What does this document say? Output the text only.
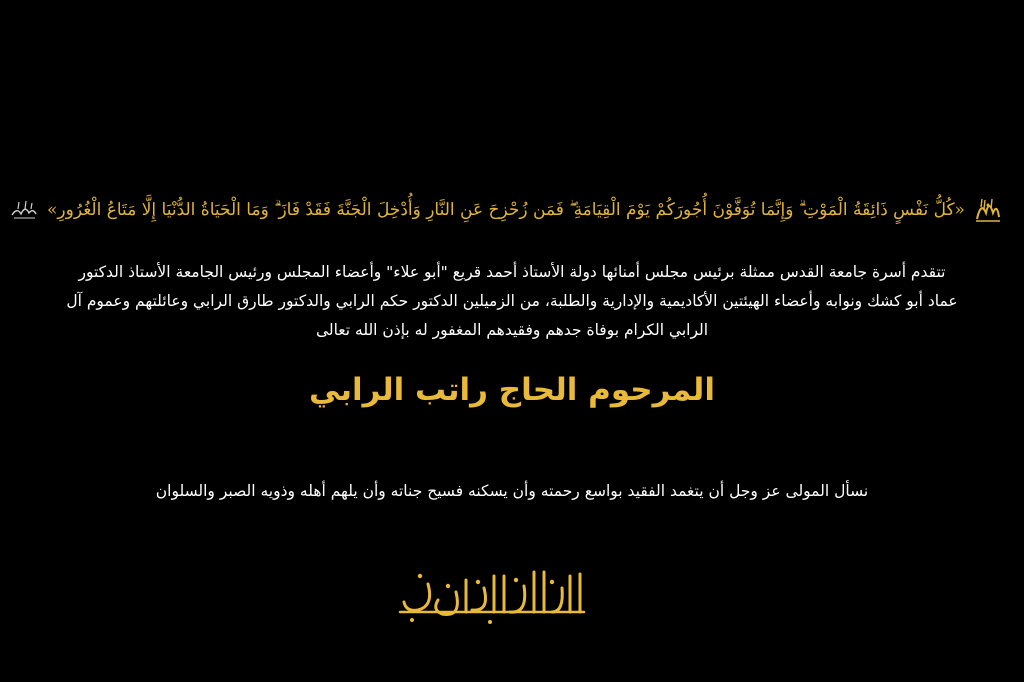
«كُلُّ نَفْسٍ ذَائِقَةُ الْمَوْتِ ۗ وَإِنَّمَا تُوَفَّوْنَ أُجُورَكُمْ يَوْمَ الْقِيَامَةِ ۖ فَمَن زُحْزِحَ عَنِ النَّارِ وَأُدْخِلَ الْجَنَّةَ فَقَدْ فَازَ ۗ وَمَا الْحَيَاةُ الدُّنْيَا إِلَّا مَتَاعُ الْغُرُورِ»
تتقدم أسرة جامعة القدس ممثلة برئيس مجلس أمنائها دولة الأستاذ أحمد قريع "أبو علاء" وأعضاء المجلس ورئيس الجامعة الأستاذ الدكتور
عماد أبو كشك ونوابه وأعضاء الهيئتين الأكاديمية والإدارية والطلبة، من الزميلين الدكتور حكم الرابي والدكتور طارق الرابي وعائلتهم وعموم آل
الرابي الكرام بوفاة جدهم وفقيدهم المغفور له بإذن الله تعالى
المرحوم الحاج راتب الرابي
نسأل المولى عز وجل أن يتغمد الفقيد بواسع رحمته وأن يسكنه فسيح جناته وأن يلهم أهله وذويه الصبر والسلوان
